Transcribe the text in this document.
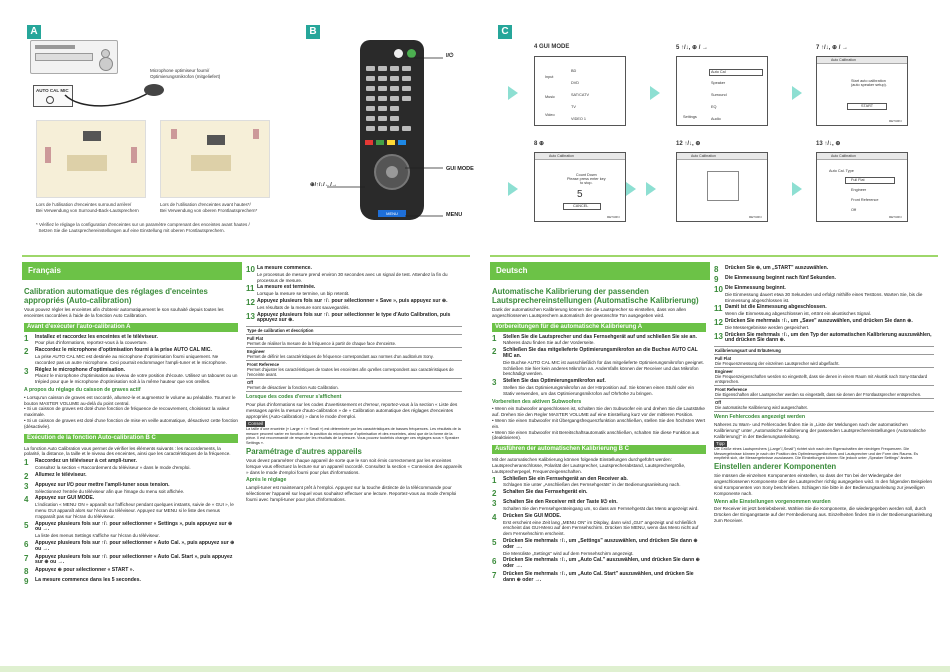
A	B	C
AUTO CAL MIC
Microphone optimiseur fourni/
Optimierungsmikrofon (mitgeliefert)
Lors de l'utilisation d'enceintes surround arrière/
Bei Verwendung von Surround-Back-Lautsprechern
Lors de l'utilisation d'enceintes avant hautes*/
Bei Verwendung von oberen Frontlautsprechern*
* Vérifiez le réglage la configuration d'enceintes sur un paramètre comprenant des enceintes avant hautes /
Setzen Sie die Lautsprechereinstellungen auf eine Einstellung mit oberen Frontlautsprechern.
MENU
I/⏻
GUI MODE
MENU
⊕/↑/↓/←/→
4 GUI MODE	5 ↑/↓, ⊕ / →	7 ↑/↓, ⊕ / →
8 ⊕	12 ↑/↓, ⊕	13 ↑/↓, ⊕
Input
Music
Video
BD
DVD
SAT/CATV
TV
VIDEO 1	Settings
Auto Cal
Speaker
Surround
EQ
Audio
Auto Calibration
Start auto calibration
(auto speaker setup).
START
RETURN
Auto Calibration
Count Down
Please press enter key
to stop.
5
CANCEL
RETURN
Auto Calibration
RETURN
Auto Calibration
Auto Cal. Type
Full Flat
Engineer
Front Reference
Off
RETURN
Français	Deutsch
Calibration automatique des réglages d'enceintes appropriés (Auto-calibration)

Vous pouvez régler les enceintes afin d'obtenir automatiquement le son souhaité depuis toutes les enceintes raccordées à l'aide de la fonction Auto Calibration.

Avant d'exécuter l'auto-calibration A
1	Installez et raccordez les enceintes et le téléviseur.
Pour plus d'informations, reportez-vous à la couverture.
2	Raccordez le microphone d'optimisation fourni à la prise AUTO CAL MIC.
La prise AUTO CAL MIC est destinée au microphone d'optimisation fourni uniquement. Ne raccordez pas un autre microphone. Ceci pourrait endommager l'ampli-tuner et le microphone.
3	Réglez le microphone d'optimisation.
Placez le microphone d'optimisation au niveau de votre position d'écoute. Utilisez un tabouret ou un trépied pour que le microphone d'optimisation soit à la même hauteur que vos oreilles.
A propos du réglage du caisson de graves actif

• Lorsqu'un caisson de graves est raccordé, allumez-le et augmentez le volume au préalable. Tournez le bouton MASTER VOLUME au-delà du point central.

• Si un caisson de graves est doté d'une fonction de fréquence de recouvrement, choisissez la valeur maximale.

• Si un caisson de graves est doté d'une fonction de mise en veille automatique, désactivez cette fonction (désactivée).

Exécution de la fonction Auto-calibration B C

La fonction Auto Calibration vous permet de vérifier les éléments suivants : les raccordements, la polarité, la distance, la taille et le niveau des enceintes, ainsi que les caractéristiques de la fréquence.

1	Raccordez un téléviseur à cet ampli-tuner.
Consultez la section « Raccordement du téléviseur » dans le mode d'emploi.
2	Allumez le téléviseur.
3	Appuyez sur I/⏻ pour mettre l'ampli-tuner sous tension.
Sélectionnez l'entrée du téléviseur afin que l'image du menu soit affichée.
4	Appuyez sur GUI MODE.
L'indication « MENU ON » apparaît sur l'afficheur pendant quelques instants, suivie de « GUI », le menu GUI apparaît alors sur l'écran du téléviseur. Appuyez sur MENU si le liste des menus n'apparaît pas sur l'écran du téléviseur.
5	Appuyez plusieurs fois sur ↑/↓ pour sélectionner « Settings », puis appuyez sur ⊕ ou →.
La liste des menus Settings s'affiche sur l'écran du téléviseur.
6	Appuyez plusieurs fois sur ↑/↓ pour sélectionner « Auto Cal. », puis appuyez sur ⊕ ou →.
7	Appuyez plusieurs fois sur ↑/↓ pour sélectionner « Auto Cal. Start », puis appuyez sur ⊕ ou →.
8	Appuyez ⊕ pour sélectionner « START ».
9	La mesure commence dans les 5 secondes.
10 La mesure commence.
Le processus de mesure prend environ 30 secondes avec un signal de test. Attendez la fin du processus de mesure.
11 La mesure est terminée.
Lorsque la mesure se termine, un bip retentit.
12 Appuyez plusieurs fois sur ↑/↓ pour sélectionner « Save », puis appuyez sur ⊕.
Les résultats de la mesure sont sauvegardés.
13 Appuyez plusieurs fois sur ↑/↓ pour sélectionner le type d'Auto Calibration, puis appuyez sur ⊕.
Type de calibration et description
Full Flat
Permet de réaliser la mesure de la fréquence à partir de chaque face d'enceinte.
Engineer
Permet de définir les caractéristiques de fréquence correspondant aux normes d'un auditorium Sony.
Front Reference
Permet d'ajuster les caractéristiques de toutes les enceintes afin qu'elles correspondent aux caractéristiques de l'enceinte avant.
Off
Permet de désactiver la fonction Auto Calibration.
Lorsque des codes d'erreur s'affichent

Pour plus d'informations sur les codes d'avertissement et d'erreur, reportez-vous à la section « Liste des messages après la mesure d'auto-calibration » de « Calibration automatique des réglages d'enceintes appropriés (Auto-calibration) » dans le mode d'emploi.

Conseil

La taille d'une enceinte (« Large » / « Small ») est déterminée par les caractéristiques de basses fréquences. Les résultats de la mesure peuvent varier en fonction de la position du microphone d'optimisation et des enceintes, ainsi que de la forme de la pièce. Il est recommandé de respecter les résultats de la mesure. Vous pouvez toutefois changer ces réglages sous « Speaker Settings ».

Paramétrage d'autres appareils

Vous devez paramétrer chaque appareil de sorte que le son soit émis correctement par les enceintes lorsque vous effectuez la lecture sur un appareil raccordé. Consultez la section « Connexion des appareils » dans le mode d'emploi fourni pour plus d'informations.

Après le réglage

Lampli-tuner est maintenant prêt à l'emploi. Appuyez sur la touche distincte de la télécommande pour sélectionner l'appareil sur lequel vous souhaitez effectuer une lecture. Reportez-vous au mode d'emploi fourni avec l'ampli-tuner pour plus d'informations.

Automatische Kalibrierung der passenden Lautsprechereinstellungen (Automatische Kalibrierung)

Dank der automatischen Kalibrierung können Sie die Lautsprecher so einstellen, dass von allen angeschlossenen Lautsprechern automatisch der gewünschte Ton ausgegeben wird.

Vorbereitungen für die automatische Kalibrierung A
1	Stellen Sie die Lautsprecher und das Fernsehgerät auf und schließen Sie sie an.
Näheres dazu finden Sie auf der Vorderseite.
2	Schließen Sie das mitgelieferte Optimierungsmikrofon an die Buchse AUTO CAL MIC an.
Die Buchse AUTO CAL MIC ist ausschließlich für das mitgelieferte Optimierungsmikrofon geeignet. Schließen Sie hier kein anderes Mikrofon an. Andernfalls können der Receiver und das Mikrofon beschädigt werden.
3	Stellen Sie das Optimierungsmikrofon auf.
Stellen Sie das Optimierungsmikrofon an der Hörposition auf. Sie können einen Stuhl oder ein Stativ verwenden, um das Optimierungsmikrofon auf Ohrhöhe zu bringen.
Vorbereiten des aktiven Subwoofers

• Wenn ein Subwoofer angeschlossen ist, schalten Sie den Subwoofer ein und drehen Sie die Lautstärke auf. Drehen Sie den Regler MASTER VOLUME auf eine Einstellung kurz vor der mittleren Position.

• Wenn Sie einen Subwoofer mit Übergangsfrequenzfunktion anschließen, stellen Sie den höchsten Wert ein.

• Wenn Sie einen Subwoofer mit Bereitschaftsautomatik anschließen, schalten Sie diese Funktion aus (deaktivieren).

Ausführen der automatischen Kalibrierung B C

Mit der automatischen Kalibrierung können folgende Einstellungen durchgeführt werden: Lautsprecheranschlüsse, Polarität der Lautsprecher, Lautsprecherabstand, Lautsprechergröße, Lautsprecherpegel, Frequenzeigenschaften.

1	Schließen Sie ein Fernsehgerät an den Receiver ab.
Schlagen Sie unter „Anschließen des Fernsehgeräts" in der Bedienungsanleitung nach.
2	Schalten Sie das Fernsehgerät ein.
3	Schalten Sie den Receiver mit der Taste I/⏻ ein.
Schalten Sie den Fernsehgeräteingang um, so dass am Fernsehgerät das Menü angezeigt wird.
4	Drücken Sie GUI MODE.
Erst erscheint eine Zeit lang „MENU ON" im Display, dann wird „GUI" angezeigt und schließlich erscheint das GUI-Menü auf dem Fernsehschirm. Drücken Sie MENU, wenn das Menü nicht auf dem Fernsehschirm erscheint.
5	Drücken Sie mehrmals ↑/↓, um „Settings" auszuwählen, und drücken Sie dann ⊕ oder →.
Die Menüliste „Settings" wird auf dem Fernsehschirm angezeigt.
6	Drücken Sie mehrmals ↑/↓, um „Auto Cal." auszuwählen, und drücken Sie dann ⊕ oder →.
7	Drücken Sie mehrmals ↑/↓, um „Auto Cal. Start" auszuwählen, und drücken Sie dann ⊕ oder →.
8	Drücken Sie ⊕, um „START" auszuwählen.
9	Die Einmessung beginnt nach fünf Sekunden.
10 Die Einmessung beginnt.
Die Einmessung dauert etwa 30 Sekunden und erfolgt mithilfe eines Testtons. Warten Sie, bis die Einmessung abgeschlossen ist.
11 Damit ist die Einmessung abgeschlossen.
Wenn die Einmessung abgeschlossen ist, ertönt ein akustisches Signal.
12 Drücken Sie mehrmals ↑/↓, um „Save" auszuwählen, und drücken Sie dann ⊕.
Die Messergebnisse werden gespeichert.
13 Drücken Sie mehrmals ↑/↓, um den Typ der automatischen Kalibrierung auszuwählen, und drücken Sie dann ⊕.
Kalibrierungsart und Erläuterung
Full Flat
Die Frequenzmessung der einzelnen Lautsprecher wird abgeflacht.
Engineer
Die Frequenzeigenschaften werden so eingestellt, dass sie denen in einem Raum mit Akustik nach Sony-Standard entsprechen.
Front Reference
Die Eigenschaften aller Lautsprecher werden so eingestellt, dass sie denen der Frontlautsprecher entsprechen.
Off
Die automatische Kalibrierung wird ausgeschaltet.
Wenn Fehlercodes angezeigt werden

Näheres zu Warn- und Fehlercodes finden Sie in „Liste der Meldungen nach der automatischen Kalibrierung" unter „Automatische Kalibrierung der passenden Lautsprechereinstellungen (Automatische Kalibrierung)" in der Bedienungsanleitung.

Tipp

Die Größe eines Lautsprechers („Large"/„Small") richtet sich nach den Eigenschaften der niedrigen Frequenzen. Die Messergebnisse können je nach der Position des Optimierungsmikrofons und Lautsprecher und der Form des Raums. Es empfiehlt sich, die Messergebnisse zuzulassen. Die Einstellungen können Sie jedoch unter „Speaker Settings" ändern.

Einstellen anderer Komponenten

Sie müssen die einzelnen Komponenten einstellen, so dass der Ton bei der Wiedergabe der angeschlossenen Komponente über die Lautsprecher richtig ausgegeben wird. In den folgenden Beispielen sind Komponenten von Sony beschrieben. Schlagen Sie bitte in der Bedienungsanleitung zur jeweiligen Komponente nach.

Wenn alle Einstellungen vorgenommen wurden

Der Receiver ist jetzt betriebsbereit. Wählen Sie die Komponente, die wiedergegeben werden soll, durch Drücken der Eingangstaste auf der Fernbedienung aus. Einzelheiten finden Sie in der Bedienungsanleitung zum Receiver.
